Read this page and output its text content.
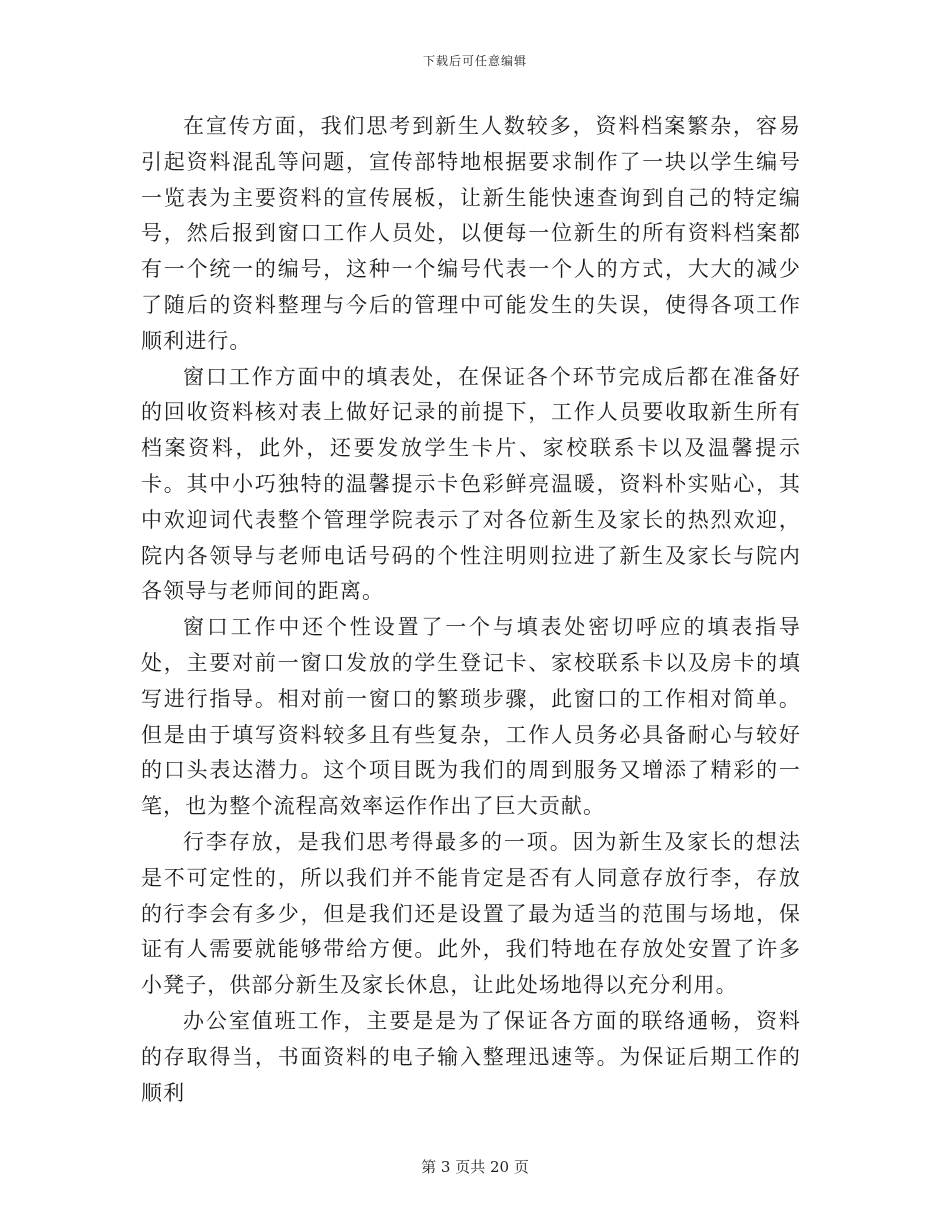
下载后可任意编辑

在宣传方面，我们思考到新生人数较多，资料档案繁杂，容易引起资料混乱等问题，宣传部特地根据要求制作了一块以学生编号一览表为主要资料的宣传展板，让新生能快速查询到自己的特定编号，然后报到窗口工作人员处，以便每一位新生的所有资料档案都有一个统一的编号，这种一个编号代表一个人的方式，大大的减少了随后的资料整理与今后的管理中可能发生的失误，使得各项工作顺利进行。

窗口工作方面中的填表处，在保证各个环节完成后都在准备好的回收资料核对表上做好记录的前提下，工作人员要收取新生所有档案资料，此外，还要发放学生卡片、家校联系卡以及温馨提示卡。其中小巧独特的温馨提示卡色彩鲜亮温暖，资料朴实贴心，其中欢迎词代表整个管理学院表示了对各位新生及家长的热烈欢迎，院内各领导与老师电话号码的个性注明则拉进了新生及家长与院内各领导与老师间的距离。

窗口工作中还个性设置了一个与填表处密切呼应的填表指导处，主要对前一窗口发放的学生登记卡、家校联系卡以及房卡的填写进行指导。相对前一窗口的繁琐步骤，此窗口的工作相对简单。但是由于填写资料较多且有些复杂，工作人员务必具备耐心与较好的口头表达潜力。这个项目既为我们的周到服务又增添了精彩的一笔，也为整个流程高效率运作作出了巨大贡献。

行李存放，是我们思考得最多的一项。因为新生及家长的想法是不可定性的，所以我们并不能肯定是否有人同意存放行李，存放的行李会有多少，但是我们还是设置了最为适当的范围与场地，保证有人需要就能够带给方便。此外，我们特地在存放处安置了许多小凳子，供部分新生及家长休息，让此处场地得以充分利用。

办公室值班工作，主要是是为了保证各方面的联络通畅，资料的存取得当，书面资料的电子输入整理迅速等。为保证后期工作的顺利

第 3 页共 20 页
